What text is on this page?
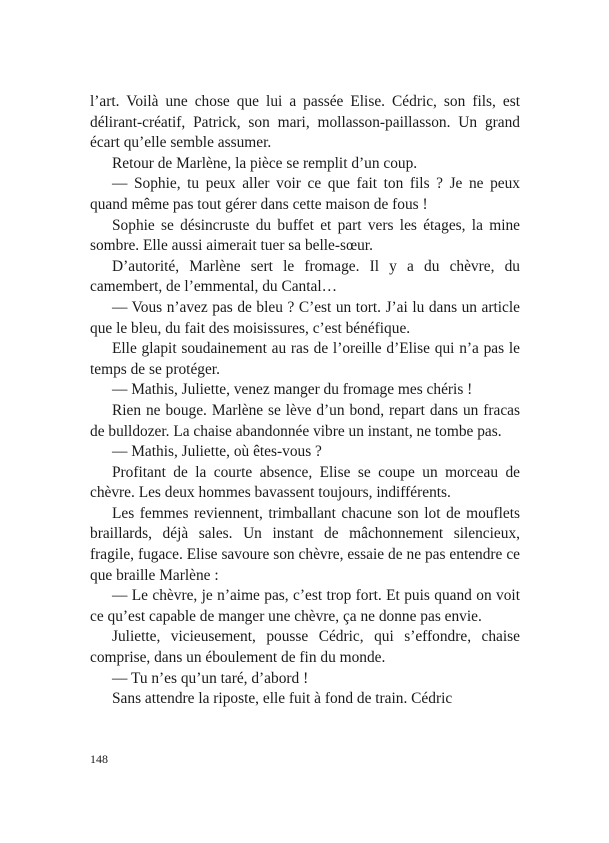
l’art. Voilà une chose que lui a passée Elise. Cédric, son fils, est délirant-créatif, Patrick, son mari, mollasson-paillasson. Un grand écart qu’elle semble assumer.

Retour de Marlène, la pièce se remplit d’un coup.

— Sophie, tu peux aller voir ce que fait ton fils ? Je ne peux quand même pas tout gérer dans cette maison de fous !

Sophie se désincruste du buffet et part vers les étages, la mine sombre. Elle aussi aimerait tuer sa belle-sœur.

D’autorité, Marlène sert le fromage. Il y a du chèvre, du camembert, de l’emmental, du Cantal…

— Vous n’avez pas de bleu ? C’est un tort. J’ai lu dans un article que le bleu, du fait des moisissures, c’est bénéfique.

Elle glapit soudainement au ras de l’oreille d’Elise qui n’a pas le temps de se protéger.

— Mathis, Juliette, venez manger du fromage mes chéris !

Rien ne bouge. Marlène se lève d’un bond, repart dans un fracas de bulldozer. La chaise abandonnée vibre un instant, ne tombe pas.

— Mathis, Juliette, où êtes-vous ?

Profitant de la courte absence, Elise se coupe un morceau de chèvre. Les deux hommes bavassent toujours, indifférents.

Les femmes reviennent, trimballant chacune son lot de mouflets braillards, déjà sales. Un instant de mâchonnement silencieux, fragile, fugace. Elise savoure son chèvre, essaie de ne pas entendre ce que braille Marlène :

— Le chèvre, je n’aime pas, c’est trop fort. Et puis quand on voit ce qu’est capable de manger une chèvre, ça ne donne pas envie.

Juliette, vicieusement, pousse Cédric, qui s’effondre, chaise comprise, dans un éboulement de fin du monde.

— Tu n’es qu’un taré, d’abord !

Sans attendre la riposte, elle fuit à fond de train. Cédric

148
